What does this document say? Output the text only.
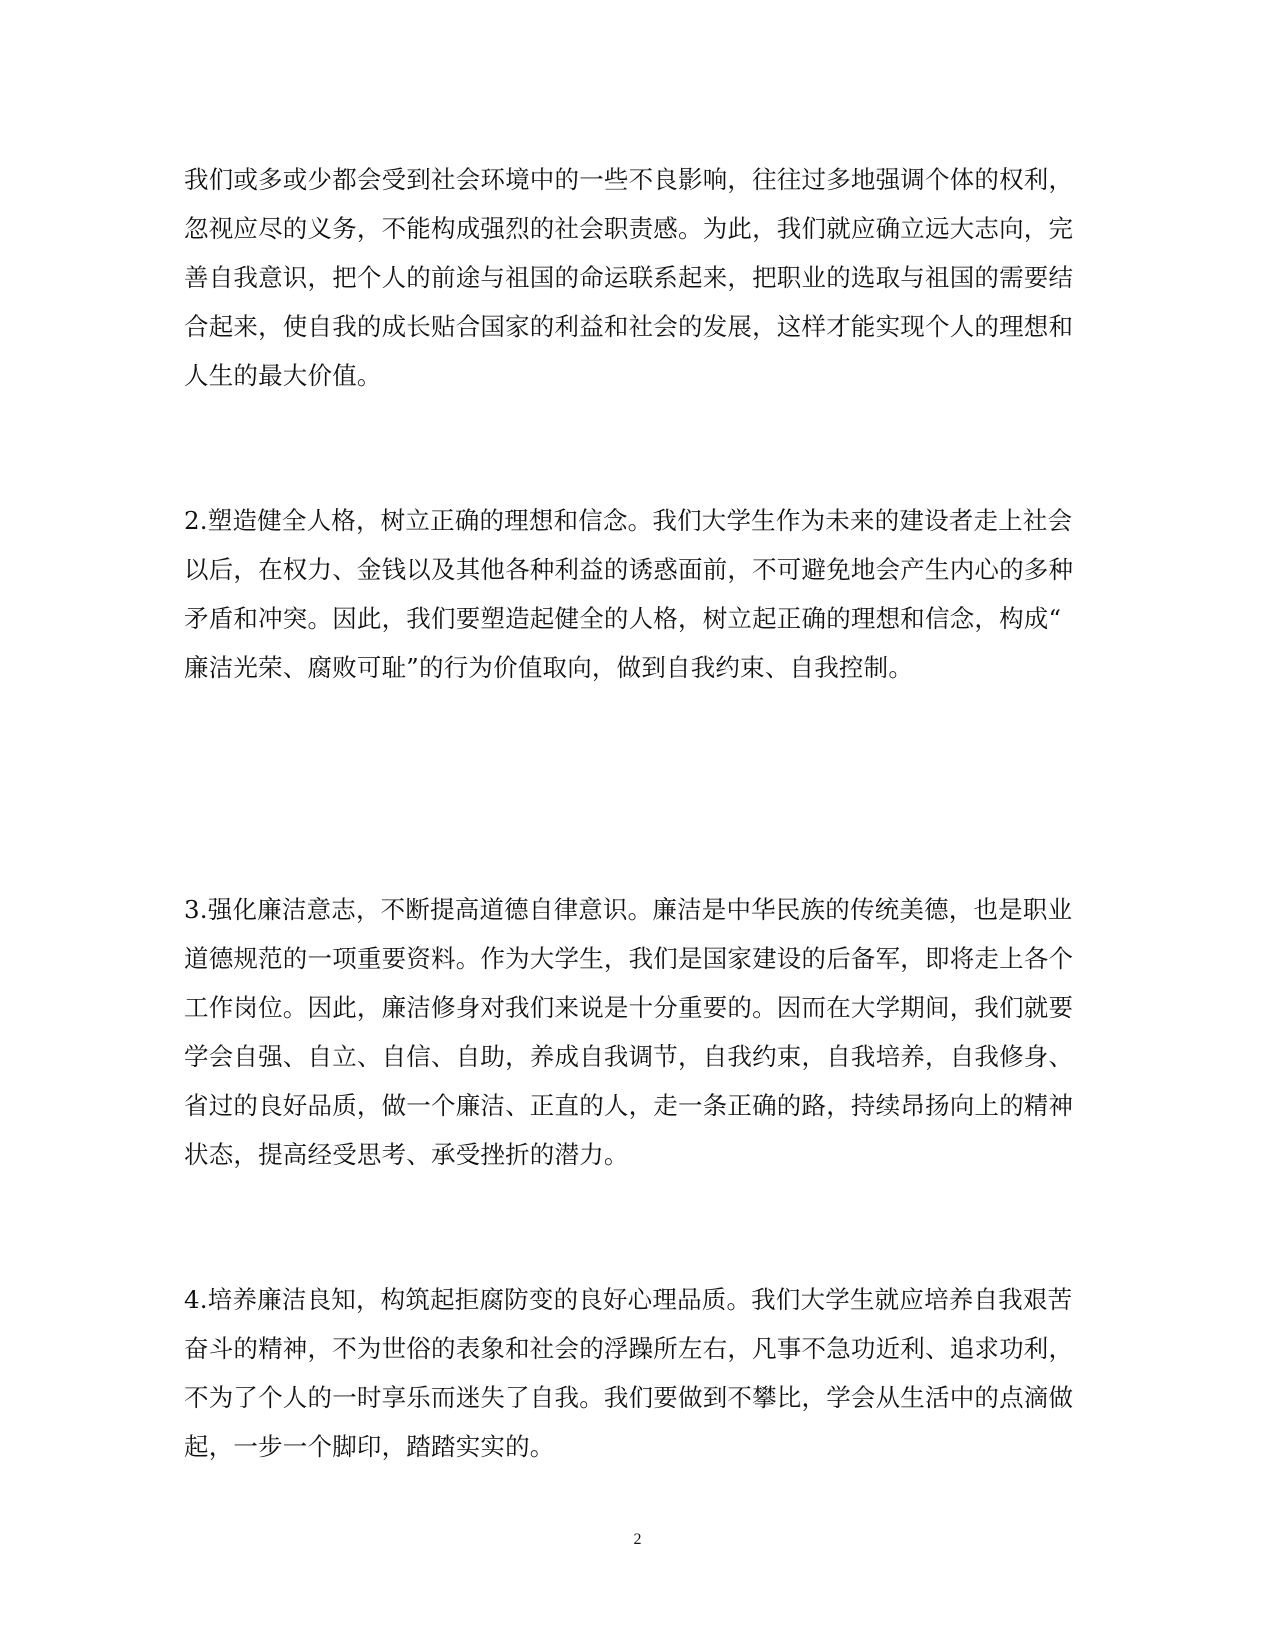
我们或多或少都会受到社会环境中的一些不良影响，往往过多地强调个体的权利，
忽视应尽的义务，不能构成强烈的社会职责感。为此，我们就应确立远大志向，完
善自我意识，把个人的前途与祖国的命运联系起来，把职业的选取与祖国的需要结
合起来，使自我的成长贴合国家的利益和社会的发展，这样才能实现个人的理想和
人生的最大价值。
2.塑造健全人格，树立正确的理想和信念。我们大学生作为未来的建设者走上社会
以后，在权力、金钱以及其他各种利益的诱惑面前，不可避免地会产生内心的多种
矛盾和冲突。因此，我们要塑造起健全的人格，树立起正确的理想和信念，构成“
廉洁光荣、腐败可耻”的行为价值取向，做到自我约束、自我控制。
3.强化廉洁意志，不断提高道德自律意识。廉洁是中华民族的传统美德，也是职业
道德规范的一项重要资料。作为大学生，我们是国家建设的后备军，即将走上各个
工作岗位。因此，廉洁修身对我们来说是十分重要的。因而在大学期间，我们就要
学会自强、自立、自信、自助，养成自我调节，自我约束，自我培养，自我修身、
省过的良好品质，做一个廉洁、正直的人，走一条正确的路，持续昂扬向上的精神
状态，提高经受思考、承受挫折的潜力。
4.培养廉洁良知，构筑起拒腐防变的良好心理品质。我们大学生就应培养自我艰苦
奋斗的精神，不为世俗的表象和社会的浮躁所左右，凡事不急功近利、追求功利，
不为了个人的一时享乐而迷失了自我。我们要做到不攀比，学会从生活中的点滴做
起，一步一个脚印，踏踏实实的。
2
